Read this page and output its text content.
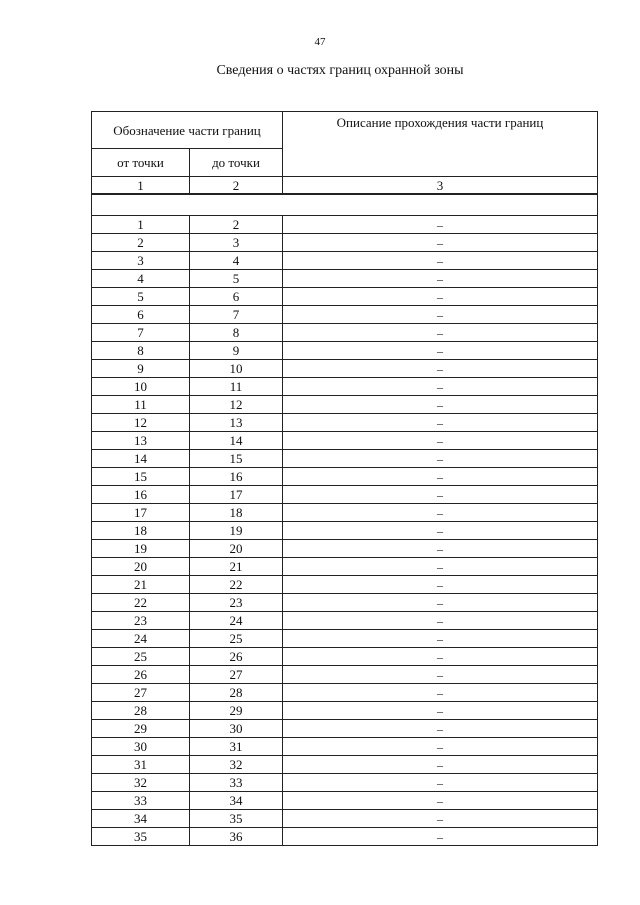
47
Сведения о частях границ охранной зоны
Обозначение части границ		Описание прохождения части границ
от точки	до точки	
1	2	3

1	2	–
2	3	–
3	4	–
4	5	–
5	6	–
6	7	–
7	8	–
8	9	–
9	10	–
10	11	–
11	12	–
12	13	–
13	14	–
14	15	–
15	16	–
16	17	–
17	18	–
18	19	–
19	20	–
20	21	–
21	22	–
22	23	–
23	24	–
24	25	–
25	26	–
26	27	–
27	28	–
28	29	–
29	30	–
30	31	–
31	32	–
32	33	–
33	34	–
34	35	–
35	36	–
